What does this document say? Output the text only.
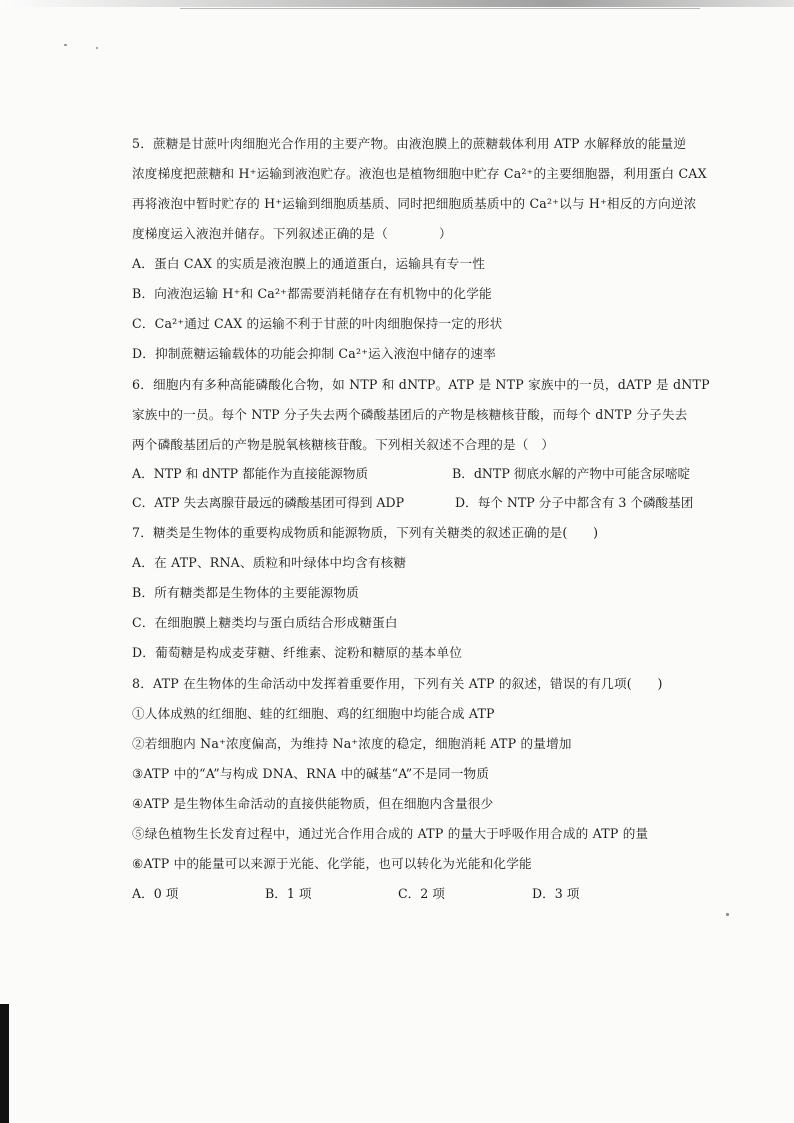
5．蔗糖是甘蔗叶肉细胞光合作用的主要产物。由液泡膜上的蔗糖载体利用 ATP 水解释放的能量逆
浓度梯度把蔗糖和 H⁺运输到液泡贮存。液泡也是植物细胞中贮存 Ca²⁺的主要细胞器，利用蛋白 CAX
再将液泡中暂时贮存的 H⁺运输到细胞质基质、同时把细胞质基质中的 Ca²⁺以与 H⁺相反的方向逆浓
度梯度运入液泡并储存。下列叙述正确的是（　　　　）
A．蛋白 CAX 的实质是液泡膜上的通道蛋白，运输具有专一性
B．向液泡运输 H⁺和 Ca²⁺都需要消耗储存在有机物中的化学能
C．Ca²⁺通过 CAX 的运输不利于甘蔗的叶肉细胞保持一定的形状
D．抑制蔗糖运输载体的功能会抑制 Ca²⁺运入液泡中储存的速率
6．细胞内有多种高能磷酸化合物，如 NTP 和 dNTP。ATP 是 NTP 家族中的一员，dATP 是 dNTP
家族中的一员。每个 NTP 分子失去两个磷酸基团后的产物是核糖核苷酸，而每个 dNTP 分子失去
两个磷酸基团后的产物是脱氧核糖核苷酸。下列相关叙述不合理的是（　）
A．NTP 和 dNTP 都能作为直接能源物质	B．dNTP 彻底水解的产物中可能含尿嘧啶
C．ATP 失去离腺苷最远的磷酸基团可得到 ADP	D．每个 NTP 分子中都含有 3 个磷酸基团
7．糖类是生物体的重要构成物质和能源物质，下列有关糖类的叙述正确的是(　　)
A．在 ATP、RNA、质粒和叶绿体中均含有核糖
B．所有糖类都是生物体的主要能源物质
C．在细胞膜上糖类均与蛋白质结合形成糖蛋白
D．葡萄糖是构成麦芽糖、纤维素、淀粉和糖原的基本单位
8．ATP 在生物体的生命活动中发挥着重要作用，下列有关 ATP 的叙述，错误的有几项(　　)
①人体成熟的红细胞、蛙的红细胞、鸡的红细胞中均能合成 ATP
②若细胞内 Na⁺浓度偏高，为维持 Na⁺浓度的稳定，细胞消耗 ATP 的量增加
③ATP 中的“A”与构成 DNA、RNA 中的碱基“A”不是同一物质
④ATP 是生物体生命活动的直接供能物质，但在细胞内含量很少
⑤绿色植物生长发育过程中，通过光合作用合成的 ATP 的量大于呼吸作用合成的 ATP 的量
⑥ATP 中的能量可以来源于光能、化学能，也可以转化为光能和化学能
A．0 项	B．1 项	C．2 项	D．3 项
